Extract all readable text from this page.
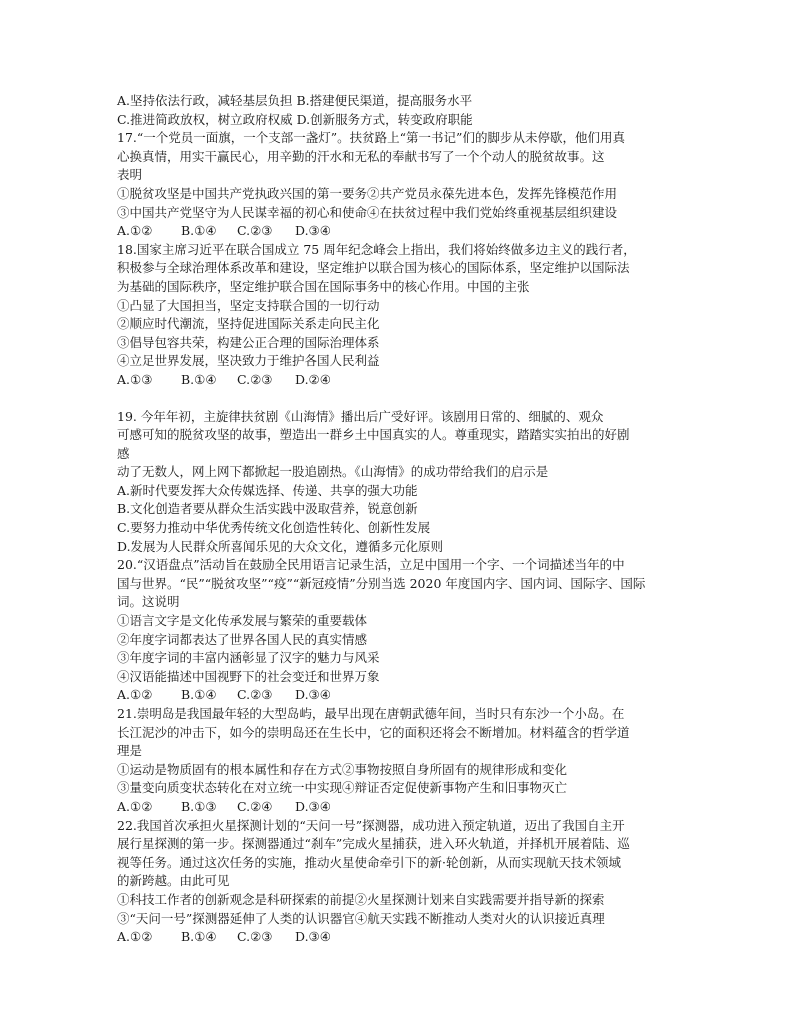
A.坚持依法行政，减轻基层负担 B.搭建便民渠道，提高服务水平

C.推进简政放权，树立政府权威 D.创新服务方式，转变政府职能

17.“一个党员一面旗，一个支部一盏灯”。扶贫路上“第一书记”们的脚步从未停歇，他们用真

心换真情，用实干赢民心，用辛勤的汗水和无私的奉献书写了一个个动人的脱贫故事。这

表明

①脱贫攻坚是中国共产党执政兴国的第一要务②共产党员永葆先进本色，发挥先锋模范作用

③中国共产党坚守为人民谋幸福的初心和使命④在扶贫过程中我们党始终重视基层组织建设

A.①② B.①④ C.②③ D.③④

18.国家主席习近平在联合国成立 75 周年纪念峰会上指出，我们将始终做多边主义的践行者，

积极参与全球治理体系改革和建设，坚定维护以联合国为核心的国际体系，坚定维护以国际法

为基础的国际秩序，坚定维护联合国在国际事务中的核心作用。中国的主张

①凸显了大国担当，坚定支持联合国的一切行动

②顺应时代潮流，坚持促进国际关系走向民主化

③倡导包容共荣，构建公正合理的国际治理体系

④立足世界发展，坚决致力于维护各国人民利益

A.①③ B.①④ C.②③ D.②④

19. 今年年初，主旋律扶贫剧《山海情》播出后广受好评。该剧用日常的、细腻的、观众

可感可知的脱贫攻坚的故事，塑造出一群乡土中国真实的人。尊重现实，踏踏实实拍出的好剧

感

动了无数人，网上网下都掀起一股追剧热。《山海情》的成功带给我们的启示是

A.新时代要发挥大众传媒选择、传递、共享的强大功能

B.文化创造者要从群众生活实践中汲取营养，锐意创新

C.要努力推动中华优秀传统文化创造性转化、创新性发展

D.发展为人民群众所喜闻乐见的大众文化，遵循多元化原则

20.“汉语盘点”活动旨在鼓励全民用语言记录生活，立足中国用一个字、一个词描述当年的中

国与世界。“民”“脱贫攻坚”“疫”“新冠疫情”分别当选 2020 年度国内字、国内词、国际字、国际

词。这说明

①语言文字是文化传承发展与繁荣的重要载体

②年度字词都表达了世界各国人民的真实情感

③年度字词的丰富内涵彰显了汉字的魅力与风采

④汉语能描述中国视野下的社会变迁和世界万象

A.①② B.①④ C.②③ D.③④

21.崇明岛是我国最年轻的大型岛屿，最早出现在唐朝武德年间，当时只有东沙一个小岛。在

长江泥沙的冲击下，如今的崇明岛还在生长中，它的面积还将会不断增加。材料蕴含的哲学道

理是

①运动是物质固有的根本属性和存在方式②事物按照自身所固有的规律形成和变化

③量变向质变状态转化在对立统一中实现④辩证否定促使新事物产生和旧事物灭亡

A.①② B.①③ C.②④ D.③④

22.我国首次承担火星探测计划的“天问一号”探测器，成功进入预定轨道，迈出了我国自主开

展行星探测的第一步。探测器通过“刹车”完成火星捕获，进入环火轨道，并择机开展着陆、巡

视等任务。通过这次任务的实施，推动火星使命牵引下的新·轮创新，从而实现航天技术领域

的新跨越。由此可见

①科技工作者的创新观念是科研探索的前提②火星探测计划来自实践需要并指导新的探索

③“天问一号”探测器延伸了人类的认识器官④航天实践不断推动人类对火的认识接近真理

A.①② B.①④ C.②③ D.③④
